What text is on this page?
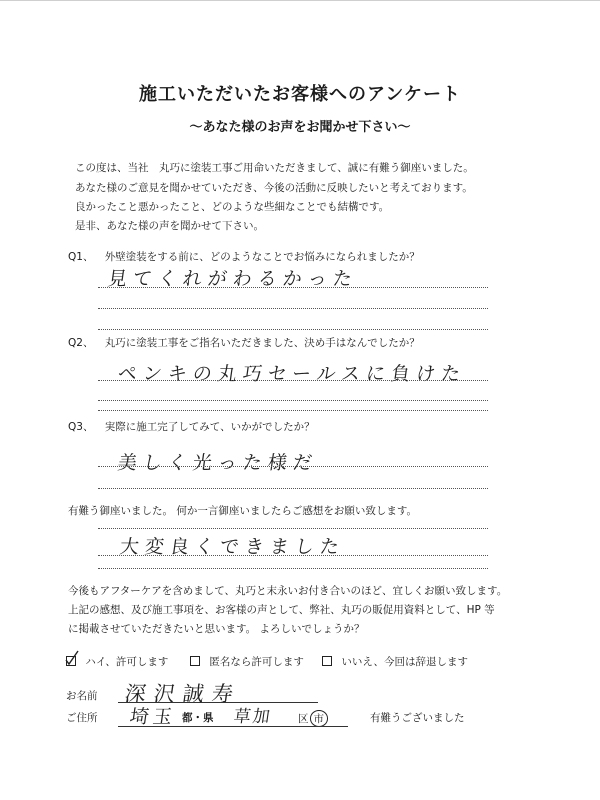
施工いただいたお客様へのアンケート
～あなた様のお声をお聞かせ下さい～
この度は、当社　丸巧に塗装工事ご用命いただきまして、誠に有難う御座いました。
あなた様のご意見を聞かせていただき、今後の活動に反映したいと考えております。
良かったこと悪かったこと、どのような些細なことでも結構です。
是非、あなた様の声を聞かせて下さい。
Q1、 外壁塗装をする前に、どのようなことでお悩みになられましたか？
見てくれがわるかった
Q2、 丸巧に塗装工事をご指名いただきました、決め手はなんでしたか？
ペンキの丸巧セールスに負けた
Q3、 実際に施工完了してみて、いかがでしたか？
美しく光った様だ
有難う御座いました。 何か一言御座いましたらご感想をお願い致します。
大変良くできました
今後もアフターケアを含めまして、丸巧と末永いお付き合いのほど、宜しくお願い致します。
上記の感想、及び施工事項を、お客様の声として、弊社、丸巧の販促用資料として、HP 等
に掲載させていただきたいと思います。 よろしいでしょうか？
ハイ、許可します	匿名なら許可します	いいえ、今回は辞退します
お名前 深沢誠寿
ご住所 埼玉 都・県 草加 区 市	有難うございました
